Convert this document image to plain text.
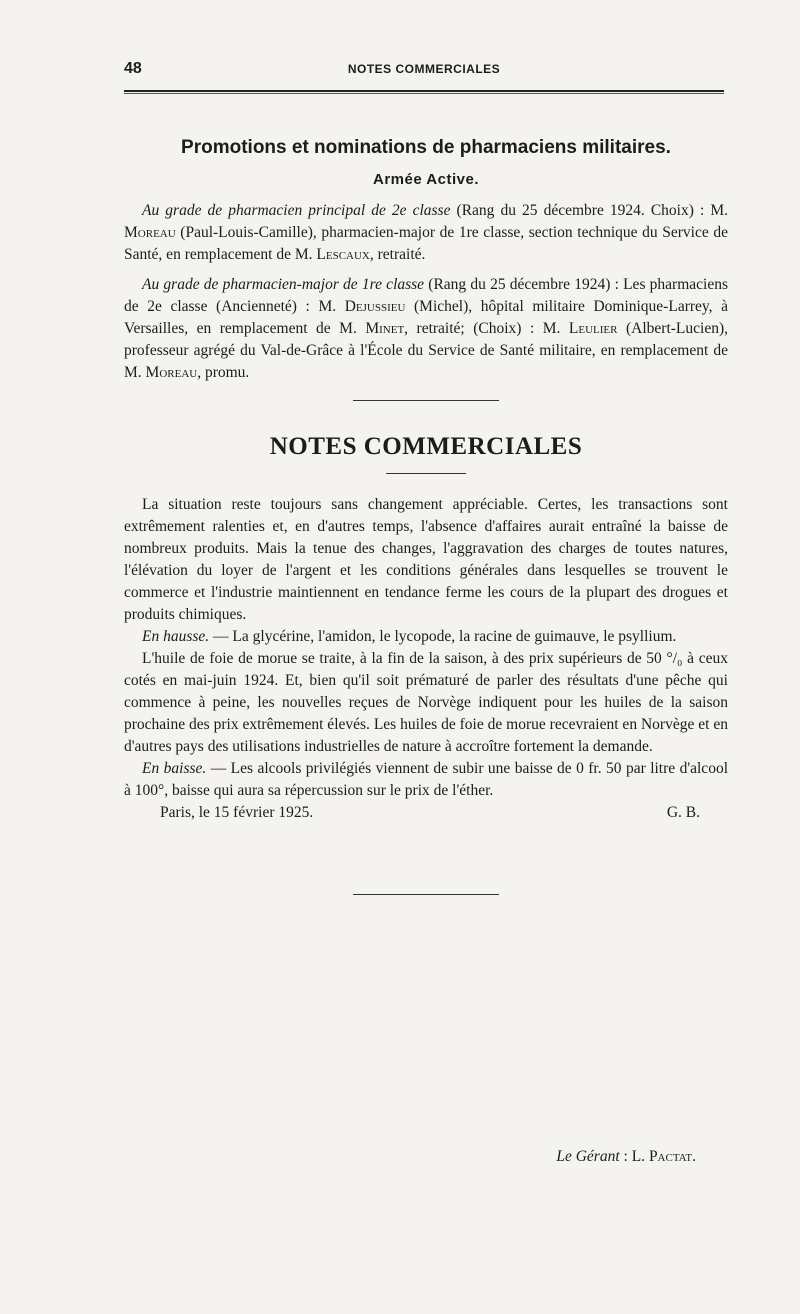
48	NOTES COMMERCIALES
Promotions et nominations de pharmaciens militaires.
Armée Active.

Au grade de pharmacien principal de 2e classe (Rang du 25 décembre 1924. Choix) : M. Moreau (Paul-Louis-Camille), pharmacien-major de 1re classe, section technique du Service de Santé, en remplacement de M. Lescaux, retraité.

Au grade de pharmacien-major de 1re classe (Rang du 25 décembre 1924) : Les pharmaciens de 2e classe (Ancienneté) : M. Dejussieu (Michel), hôpital militaire Dominique-Larrey, à Versailles, en remplacement de M. Minet, retraité; (Choix) : M. Leulier (Albert-Lucien), professeur agrégé du Val-de-Grâce à l'École du Service de Santé militaire, en remplacement de M. Moreau, promu.

NOTES COMMERCIALES

La situation reste toujours sans changement appréciable. Certes, les transactions sont extrêmement ralenties et, en d'autres temps, l'absence d'affaires aurait entraîné la baisse de nombreux produits. Mais la tenue des changes, l'aggravation des charges de toutes natures, l'élévation du loyer de l'argent et les conditions générales dans lesquelles se trouvent le commerce et l'industrie maintiennent en tendance ferme les cours de la plupart des drogues et produits chimiques.

En hausse. — La glycérine, l'amidon, le lycopode, la racine de guimauve, le psyllium.

L'huile de foie de morue se traite, à la fin de la saison, à des prix supérieurs de 50 °/₀ à ceux cotés en mai-juin 1924. Et, bien qu'il soit prématuré de parler des résultats d'une pêche qui commence à peine, les nouvelles reçues de Norvège indiquent pour les huiles de la saison prochaine des prix extrêmement élevés. Les huiles de foie de morue recevraient en Norvège et en d'autres pays des utilisations industrielles de nature à accroître fortement la demande.

En baisse. — Les alcools privilégiés viennent de subir une baisse de 0 fr. 50 par litre d'alcool à 100°, baisse qui aura sa répercussion sur le prix de l'éther.

Paris, le 15 février 1925.	G. B.
Le Gérant : L. Pactat.
